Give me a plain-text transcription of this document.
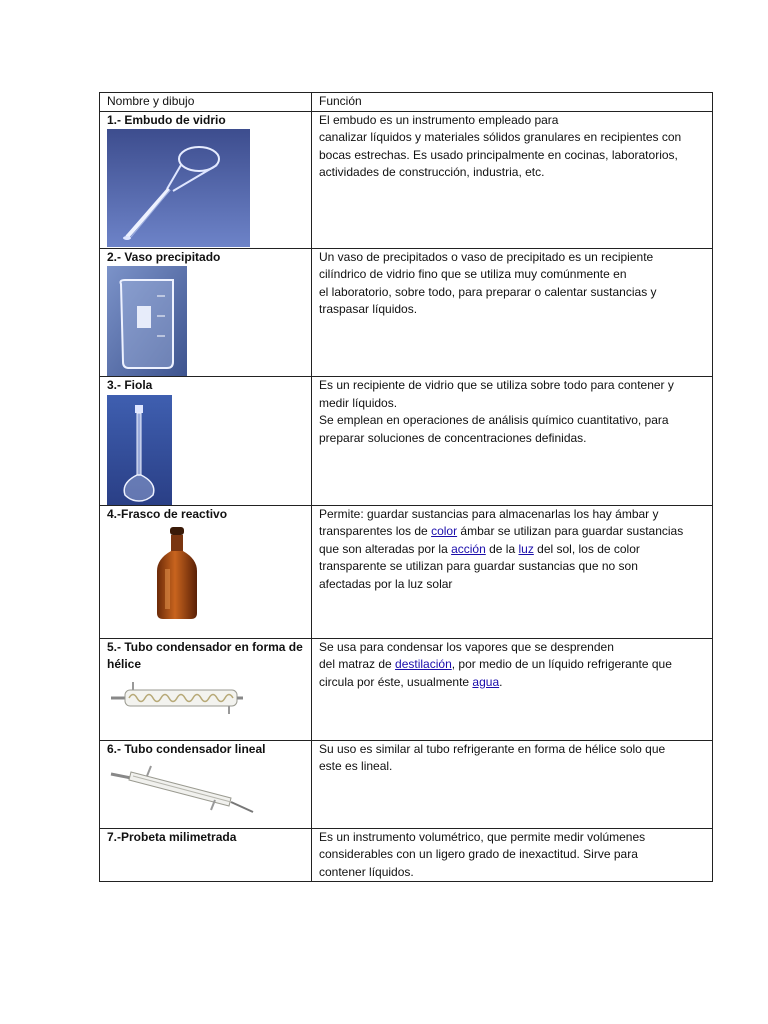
Nombre y dibujo	Función

1.- Embudo de vidrio	El embudo es un instrumento empleado para

canalizar líquidos y materiales sólidos granulares en recipientes con

bocas estrechas. Es usado principalmente en cocinas, laboratorios,

actividades de construcción, industria, etc.

2.- Vaso precipitado	Un vaso de precipitados o vaso de precipitado es un recipiente

cilíndrico de vidrio fino que se utiliza muy comúnmente en

el laboratorio, sobre todo, para preparar o calentar sustancias y

traspasar líquidos.

3.- Fiola	Es un recipiente de vidrio que se utiliza sobre todo para contener y

medir líquidos.

Se emplean en operaciones de análisis químico cuantitativo, para

preparar soluciones de concentraciones definidas.

4.-Frasco de reactivo	Permite: guardar sustancias para almacenarlas los hay ámbar y

transparentes los de color ámbar se utilizan para guardar sustancias

que son alteradas por la acción de la luz del sol, los de color

transparente se utilizan para guardar sustancias que no son

afectadas por la luz solar

5.- Tubo condensador en forma de hélice	Se usa para condensar los vapores que se desprenden

del matraz de destilación, por medio de un líquido refrigerante que

circula por éste, usualmente agua.

6.- Tubo condensador lineal	Su uso es similar al tubo refrigerante en forma de hélice solo que

este es lineal.

7.-Probeta milimetrada	Es un instrumento volumétrico, que permite medir volúmenes

considerables con un ligero grado de inexactitud. Sirve para

contener líquidos.
